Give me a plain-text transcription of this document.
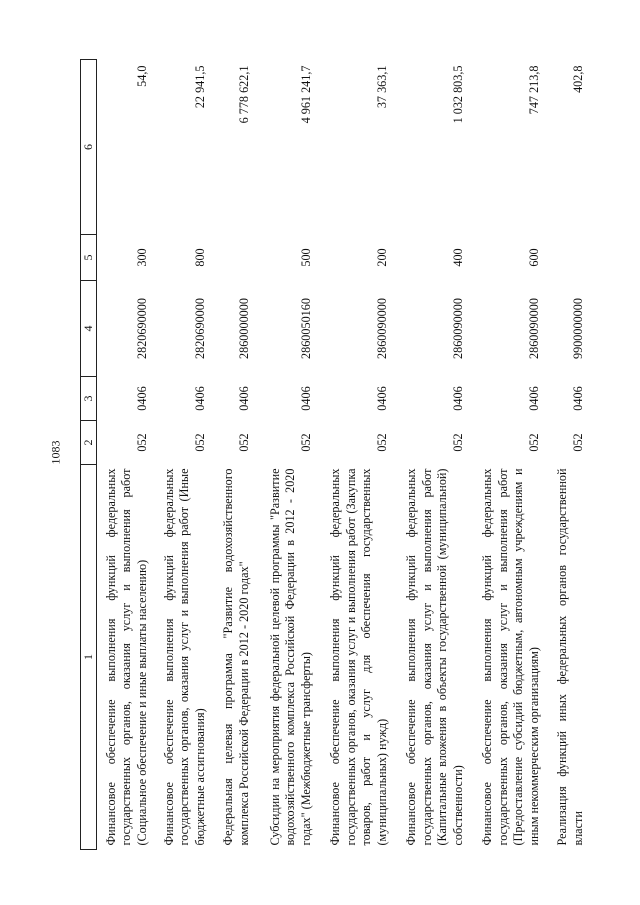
1083
1	2	3	4	5	6
Финансовое обеспечение выполнения функций федеральных государственных органов, оказания услуг и выполнения работ (Социальное обеспечение и иные выплаты населению)	052	0406	2820690000	300	54,0
Финансовое обеспечение выполнения функций федеральных государственных органов, оказания услуг и выполнения работ (Иные бюджетные ассигнования)	052	0406	2820690000	800	22 941,5
Федеральная целевая программа "Развитие водохозяйственного комплекса Российской Федерации в 2012 - 2020 годах"	052	0406	2860000000		6 778 622,1
Субсидии на мероприятия федеральной целевой программы "Развитие водохозяйственного комплекса Российской Федерации в 2012 - 2020 годах" (Межбюджетные трансферты)	052	0406	2860050160	500	4 961 241,7
Финансовое обеспечение выполнения функций федеральных государственных органов, оказания услуг и выполнения работ (Закупка товаров, работ и услуг для обеспечения государственных (муниципальных) нужд)	052	0406	2860090000	200	37 363,1
Финансовое обеспечение выполнения функций федеральных государственных органов, оказания услуг и выполнения работ (Капитальные вложения в объекты государственной (муниципальной) собственности)	052	0406	2860090000	400	1 032 803,5
Финансовое обеспечение выполнения функций федеральных государственных органов, оказания услуг и выполнения работ (Предоставление субсидий бюджетным, автономным учреждениям и иным некоммерческим организациям)	052	0406	2860090000	600	747 213,8
Реализация функций иных федеральных органов государственной власти	052	0406	9900000000		402,8
